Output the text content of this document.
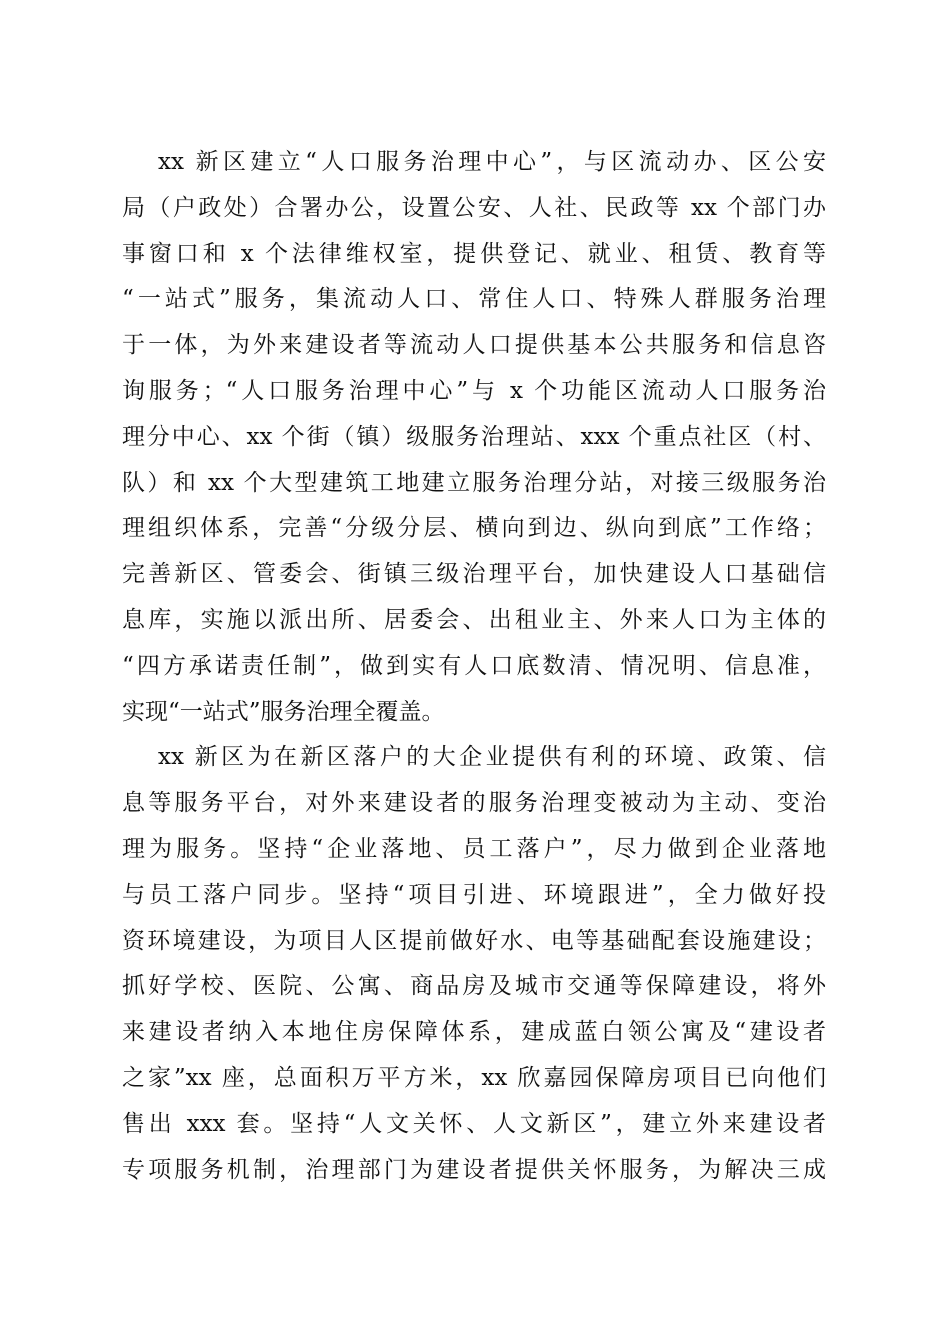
xx 新区建立“人口服务治理中心”，与区流动办、区公安
局（户政处）合署办公，设置公安、人社、民政等 xx 个部门办
事窗口和 x 个法律维权室，提供登记、就业、租赁、教育等
“一站式”服务，集流动人口、常住人口、特殊人群服务治理
于一体，为外来建设者等流动人口提供基本公共服务和信息咨
询服务；“人口服务治理中心”与 x 个功能区流动人口服务治
理分中心、xx 个街（镇）级服务治理站、xxx 个重点社区（村、
队）和 xx 个大型建筑工地建立服务治理分站，对接三级服务治
理组织体系，完善“分级分层、横向到边、纵向到底”工作络；
完善新区、管委会、街镇三级治理平台，加快建设人口基础信
息库，实施以派出所、居委会、出租业主、外来人口为主体的
“四方承诺责任制”，做到实有人口底数清、情况明、信息准，
实现“一站式”服务治理全覆盖。
xx 新区为在新区落户的大企业提供有利的环境、政策、信
息等服务平台，对外来建设者的服务治理变被动为主动、变治
理为服务。坚持“企业落地、员工落户”，尽力做到企业落地
与员工落户同步。坚持“项目引进、环境跟进”，全力做好投
资环境建设，为项目人区提前做好水、电等基础配套设施建设；
抓好学校、医院、公寓、商品房及城市交通等保障建设，将外
来建设者纳入本地住房保障体系，建成蓝白领公寓及“建设者
之家”xx 座，总面积万平方米，xx 欣嘉园保障房项目已向他们
售出 xxx 套。坚持“人文关怀、人文新区”，建立外来建设者
专项服务机制，治理部门为建设者提供关怀服务，为解决三成
